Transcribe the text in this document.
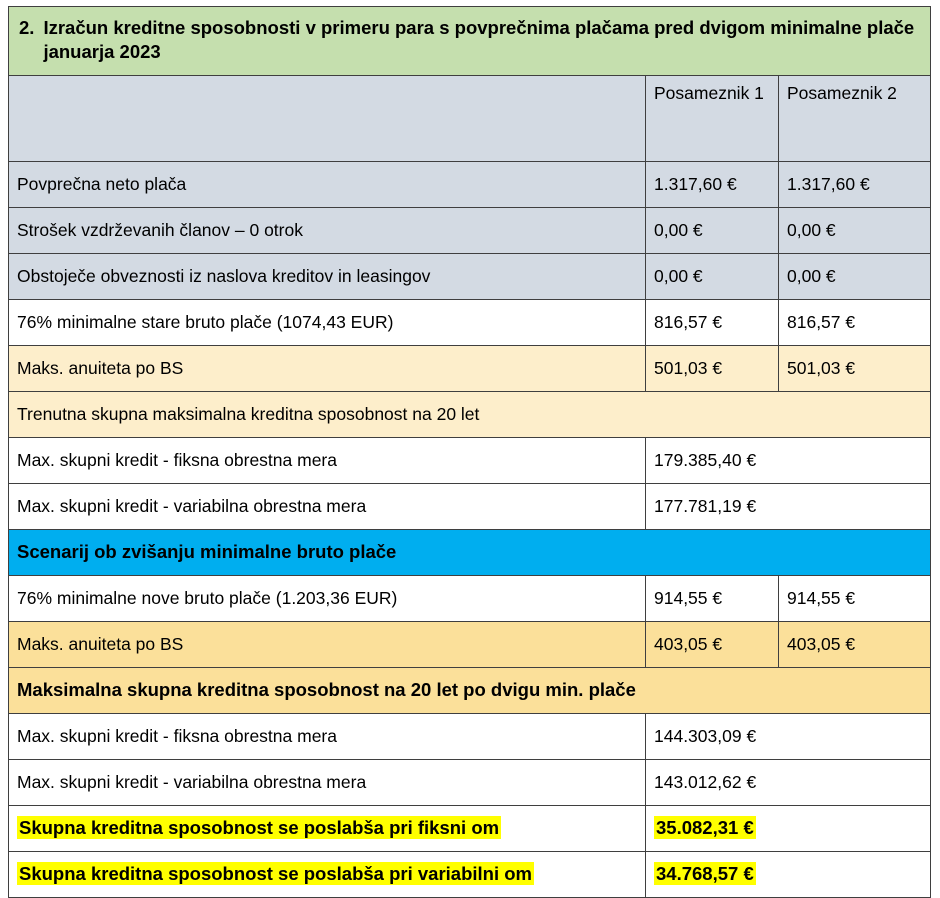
2. Izračun kreditne sposobnosti v primeru para s povprečnima plačama pred dvigom minimalne plače januarja 2023		

	Posameznik 1	Posameznik 2
Povprečna neto plača	1.317,60 €	1.317,60 €
Strošek vzdrževanih članov – 0 otrok	0,00 €	0,00 €
Obstoječe obveznosti iz naslova kreditov in leasingov	0,00 €	0,00 €
76% minimalne stare bruto plače (1074,43 EUR)	816,57 €	816,57 €
Maks. anuiteta po BS	501,03 €	501,03 €
Trenutna skupna maksimalna kreditna sposobnost na 20 let		
Max. skupni kredit - fiksna obrestna mera	179.385,40 €	
Max. skupni kredit - variabilna obrestna mera	177.781,19 €	
Scenarij ob zvišanju minimalne bruto plače		
76% minimalne nove bruto plače (1.203,36 EUR)	914,55 €	914,55 €
Maks. anuiteta po BS	403,05 €	403,05 €
Maksimalna skupna kreditna sposobnost na 20 let po dvigu min. plače		
Max. skupni kredit - fiksna obrestna mera	144.303,09 €	
Max. skupni kredit - variabilna obrestna mera	143.012,62 €	
Skupna kreditna sposobnost se poslabša pri fiksni om	35.082,31 €	
Skupna kreditna sposobnost se poslabša pri variabilni om	34.768,57 €	
